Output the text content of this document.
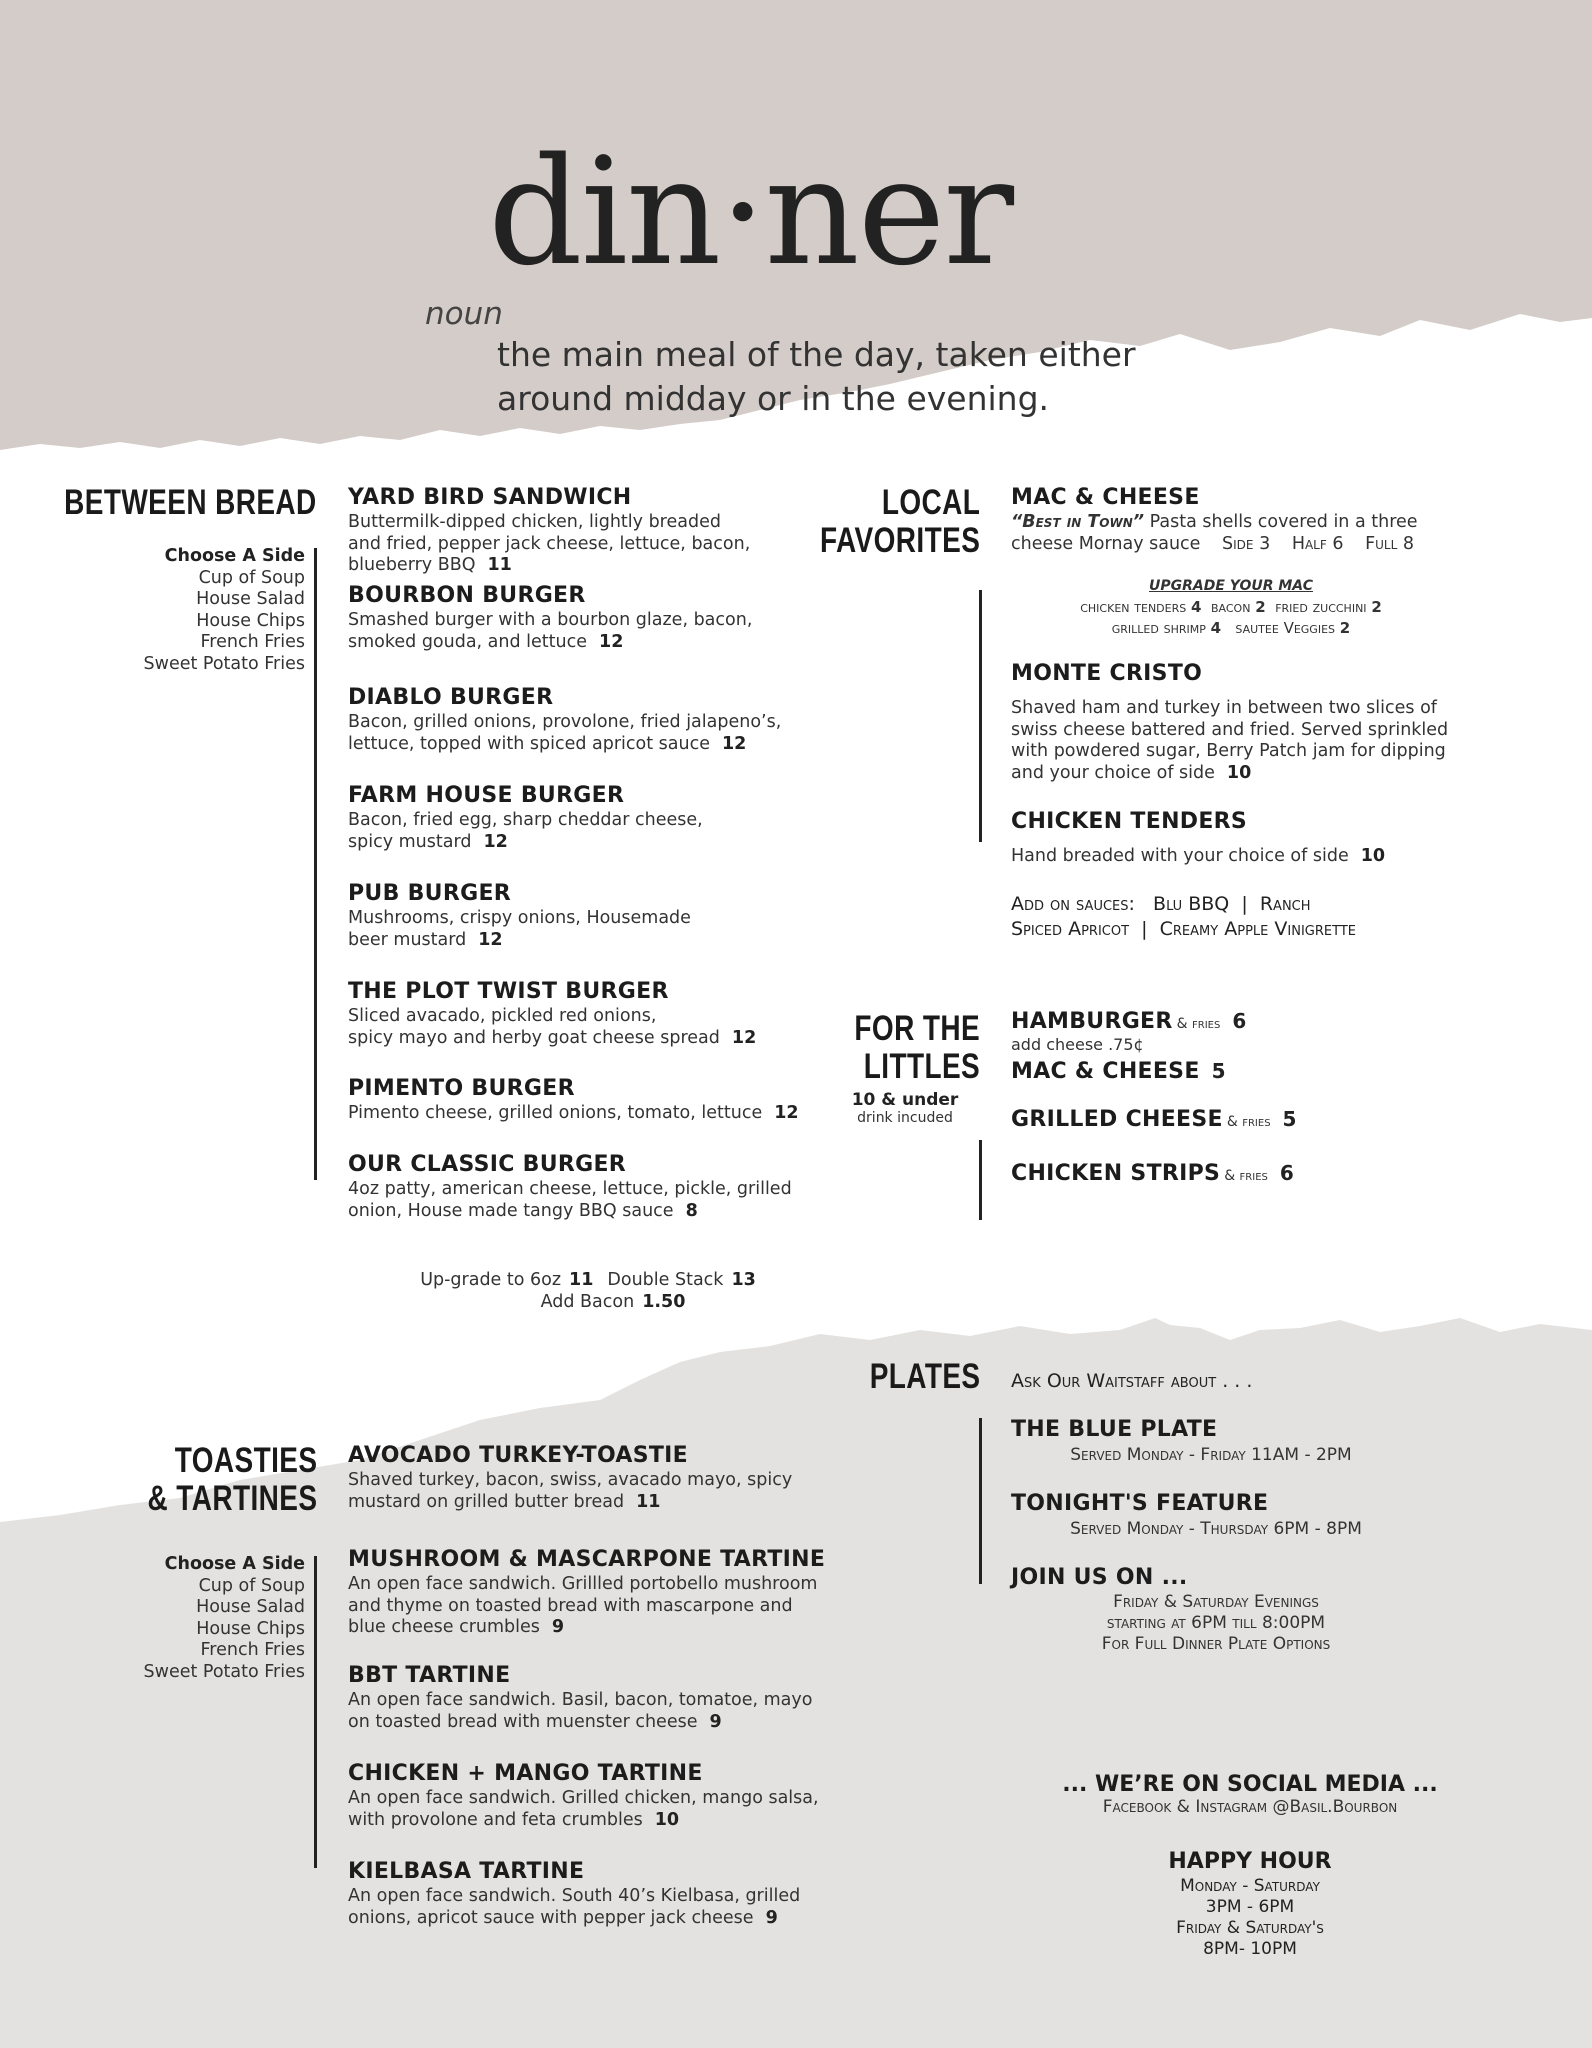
din·ner
noun
the main meal of the day, taken either
around midday or in the evening.
BETWEEN BREAD
Choose A Side
Cup of Soup
House Salad
House Chips
French Fries
Sweet Potato Fries
YARD BIRD SANDWICH
Buttermilk-dipped chicken, lightly breaded
and fried, pepper jack cheese, lettuce, bacon,
blueberry BBQ 11
BOURBON BURGER
Smashed burger with a bourbon glaze, bacon,
smoked gouda, and lettuce 12
DIABLO BURGER
Bacon, grilled onions, provolone, fried jalapeno’s,
lettuce, topped with spiced apricot sauce 12
FARM HOUSE BURGER
Bacon, fried egg, sharp cheddar cheese,
spicy mustard 12
PUB BURGER
Mushrooms, crispy onions, Housemade
beer mustard 12
THE PLOT TWIST BURGER
Sliced avacado, pickled red onions,
spicy mayo and herby goat cheese spread 12
PIMENTO BURGER
Pimento cheese, grilled onions, tomato, lettuce 12
OUR CLASSIC BURGER
4oz patty, american cheese, lettuce, pickle, grilled
onion, House made tangy BBQ sauce 8
Up-grade to 6oz 11 Double Stack 13
Add Bacon 1.50
LOCAL
FAVORITES
MAC & CHEESE
“Best in Town” Pasta shells covered in a three
cheese Mornay sauce Side 3 Half 6 Full 8
UPGRADE YOUR MAC
chicken tenders 4 bacon 2 fried zucchini 2
grilled shrimp 4 sautee Veggies 2
MONTE CRISTO
Shaved ham and turkey in between two slices of
swiss cheese battered and fried. Served sprinkled
with powdered sugar, Berry Patch jam for dipping
and your choice of side 10
CHICKEN TENDERS
Hand breaded with your choice of side 10
Add on sauces: Blu BBQ | Ranch
Spiced Apricot | Creamy Apple Vinigrette
FOR THE
LITTLES
10 & under
drink incuded
HAMBURGER & fries 6
add cheese .75¢
MAC & CHEESE 5
GRILLED CHEESE & fries 5
CHICKEN STRIPS & fries 6
PLATES Ask Our Waitstaff about . . .
THE BLUE PLATE
Served Monday - Friday 11AM - 2PM
TONIGHT'S FEATURE
Served Monday - Thursday 6PM - 8PM
JOIN US ON ...
Friday & Saturday Evenings
starting at 6PM till 8:00PM
For Full Dinner Plate Options
TOASTIES
& TARTINES
Choose A Side
Cup of Soup
House Salad
House Chips
French Fries
Sweet Potato Fries
AVOCADO TURKEY-TOASTIE
Shaved turkey, bacon, swiss, avacado mayo, spicy
mustard on grilled butter bread 11
MUSHROOM & MASCARPONE TARTINE
An open face sandwich. Grillled portobello mushroom
and thyme on toasted bread with mascarpone and
blue cheese crumbles 9
BBT TARTINE
An open face sandwich. Basil, bacon, tomatoe, mayo
on toasted bread with muenster cheese 9
CHICKEN + MANGO TARTINE
An open face sandwich. Grilled chicken, mango salsa,
with provolone and feta crumbles 10
KIELBASA TARTINE
An open face sandwich. South 40’s Kielbasa, grilled
onions, apricot sauce with pepper jack cheese 9
... WE’RE ON SOCIAL MEDIA ...
Facebook & Instagram @Basil.Bourbon
HAPPY HOUR
Monday - Saturday
3PM - 6PM
Friday & Saturday's
8PM- 10PM
